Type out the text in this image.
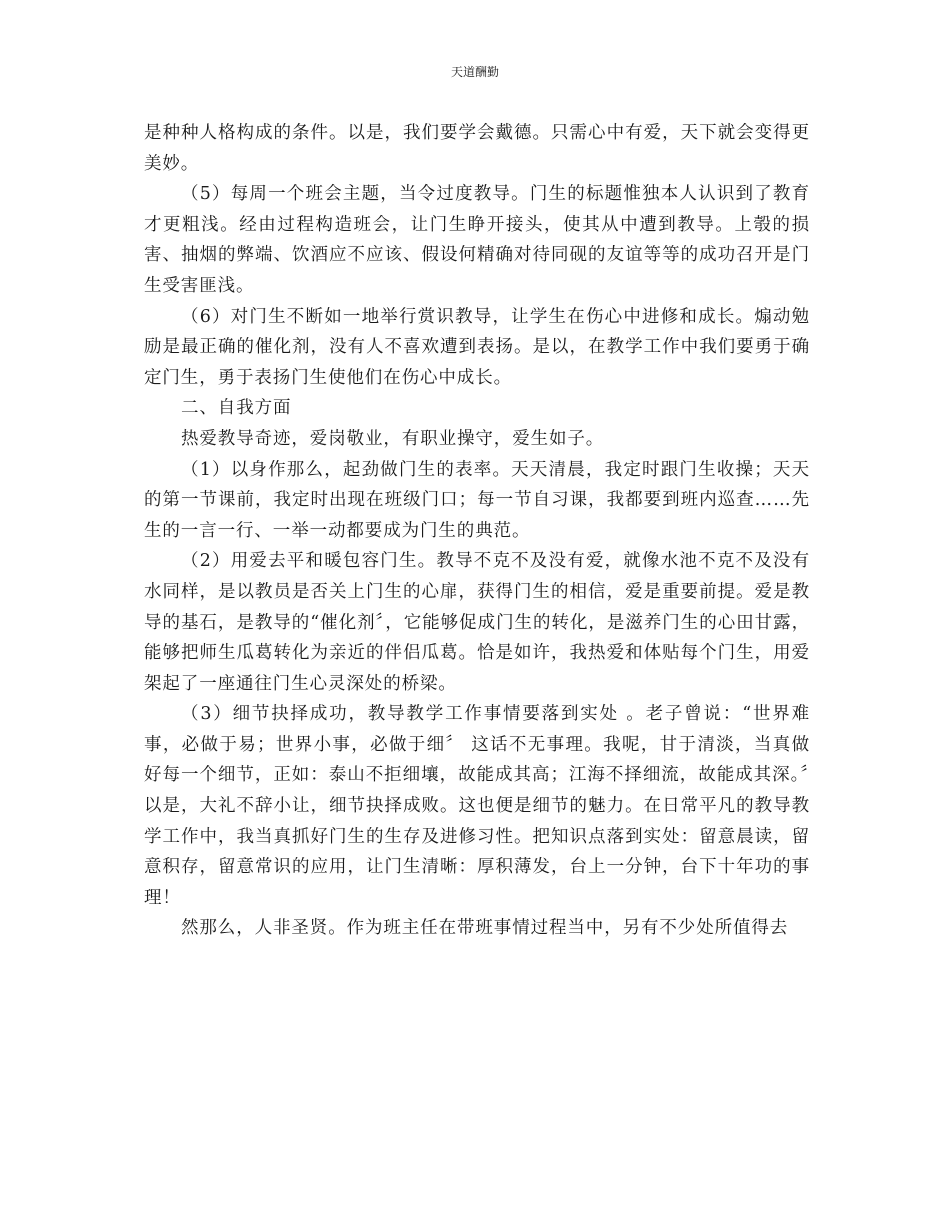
天道酬勤

是种种人格构成的条件。以是，我们要学会戴德。只需心中有爱，天下就会变得更美妙。

（5）每周一个班会主题，当令过度教导。门生的标题惟独本人认识到了教育才更粗浅。经由过程构造班会，让门生睁开接头，使其从中遭到教导。上彀的损害、抽烟的弊端、饮酒应不应该、假设何精确对待同砚的友谊等等的成功召开是门生受害匪浅。

（6）对门生不断如一地举行赏识教导，让学生在伤心中进修和成长。煽动勉励是最正确的催化剂，没有人不喜欢遭到表扬。是以，在教学工作中我们要勇于确定门生，勇于表扬门生使他们在伤心中成长。

二、自我方面

热爱教导奇迹，爱岗敬业，有职业操守，爱生如子。

（1）以身作那么，起劲做门生的表率。天天清晨，我定时跟门生收操；天天的第一节课前，我定时出现在班级门口；每一节自习课，我都要到班内巡查……先生的一言一行、一举一动都要成为门生的典范。

（2）用爱去平和暖包容门生。教导不克不及没有爱，就像水池不克不及没有水同样，是以教员是否关上门生的心扉，获得门生的相信，爱是重要前提。爱是教导的基石，是教导的“催化剂〞，它能够促成门生的转化，是滋养门生的心田甘露，能够把师生瓜葛转化为亲近的伴侣瓜葛。恰是如许，我热爱和体贴每个门生，用爱架起了一座通往门生心灵深处的桥梁。

（3）细节抉择成功，教导教学工作事情要落到实处 。老子曾说：“世界难事，必做于易；世界小事，必做于细〞 这话不无事理。我呢，甘于清淡，当真做好每一个细节，正如：泰山不拒细壤，故能成其高；江海不择细流，故能成其深。〞以是，大礼不辞小让，细节抉择成败。这也便是细节的魅力。在日常平凡的教导教学工作中，我当真抓好门生的生存及进修习性。把知识点落到实处：留意晨读，留意积存，留意常识的应用，让门生清晰：厚积薄发，台上一分钟，台下十年功的事理！

然那么，人非圣贤。作为班主任在带班事情过程当中，另有不少处所值得去
